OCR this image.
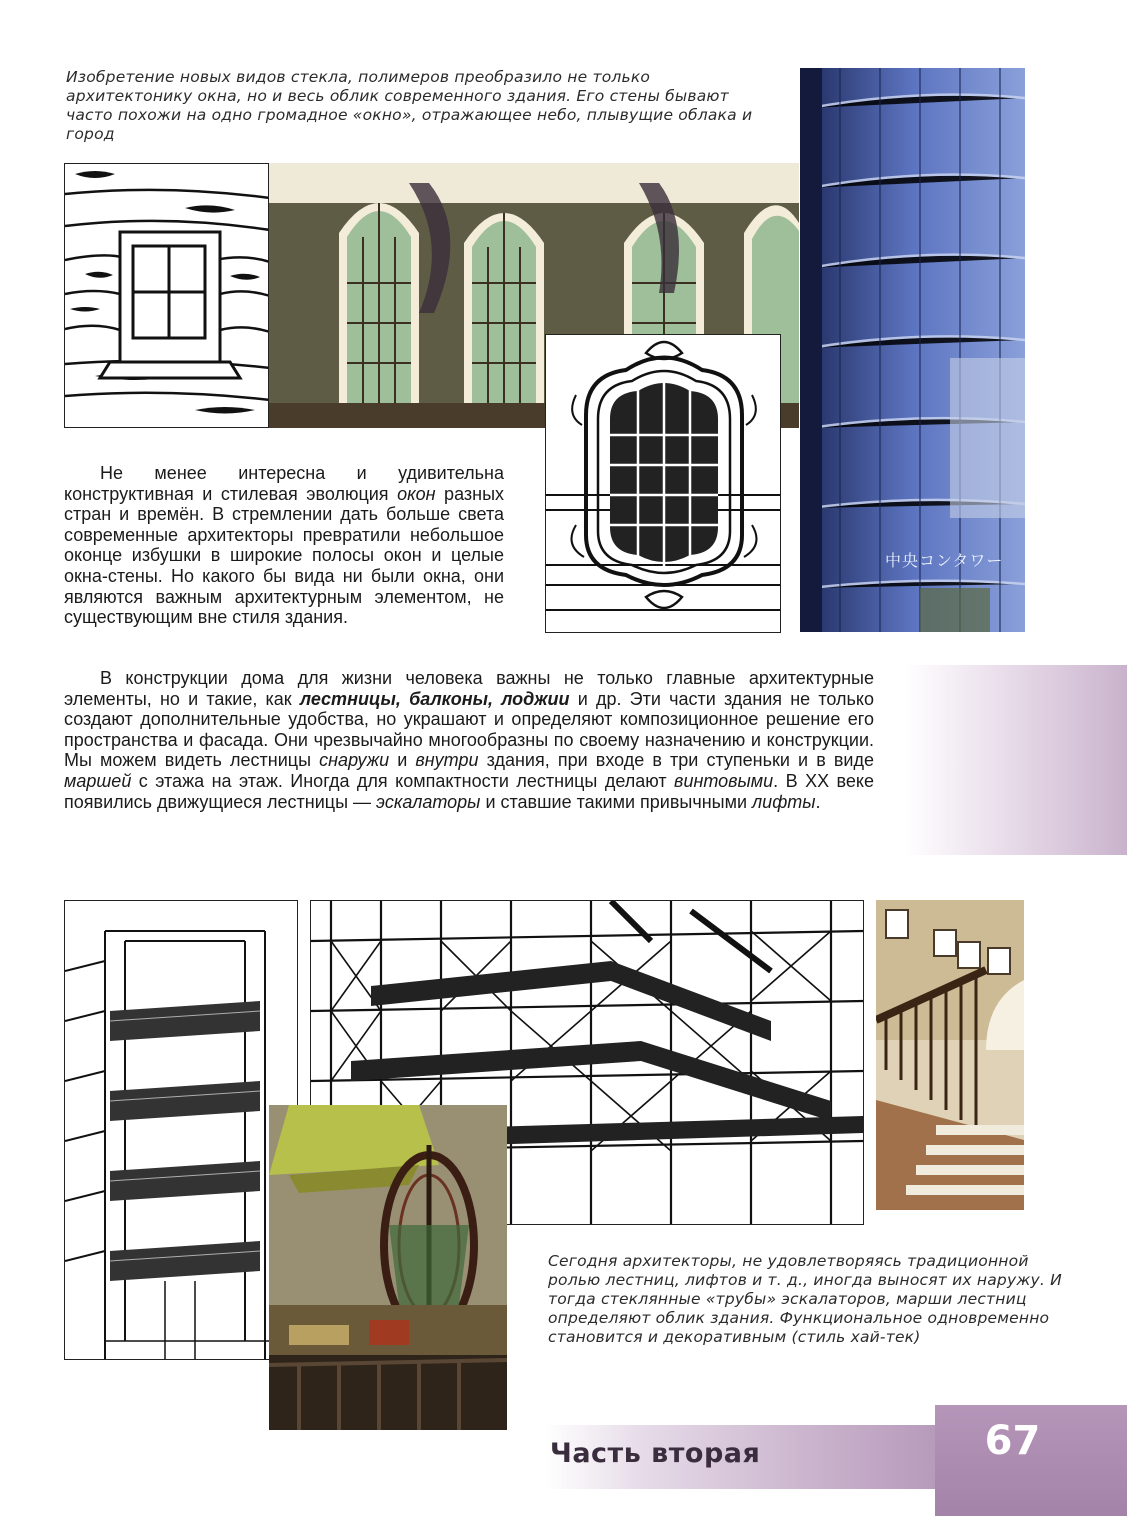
Изобретение новых видов стекла, полимеров преобразило не только архитектонику окна, но и весь облик современного здания. Его стены бывают часто похожи на одно громадное «окно», отражающее небо, плывущие облака и город
中央コンタワー
Не менее интересна и удивительна конструктивная и стилевая эволюция окон разных стран и времён. В стремлении дать больше света современные архитекторы превратили небольшое оконце избушки в широкие полосы окон и целые окна-стены. Но какого бы вида ни были окна, они являются важным архитектурным элементом, не существующим вне стиля здания.
В конструкции дома для жизни человека важны не только главные архитектурные элементы, но и такие, как лестницы, балконы, лоджии и др. Эти части здания не только создают дополнительные удобства, но украшают и определяют композиционное решение его пространства и фасада. Они чрезвычайно многообразны по своему назначению и конструкции. Мы можем видеть лестницы снаружи и внутри здания, при входе в три ступеньки и в виде маршей с этажа на этаж. Иногда для компактности лестницы делают винтовыми. В XX веке появились движущиеся лестницы — эскалаторы и ставшие такими привычными лифты.
Сегодня архитекторы, не удовлетворяясь традиционной ролью лестниц, лифтов и т. д., иногда выносят их наружу. И тогда стеклянные «трубы» эскалаторов, марши лестниц определяют облик здания. Функциональное одновременно становится и декоративным (стиль хай-тек)
Часть вторая	67
